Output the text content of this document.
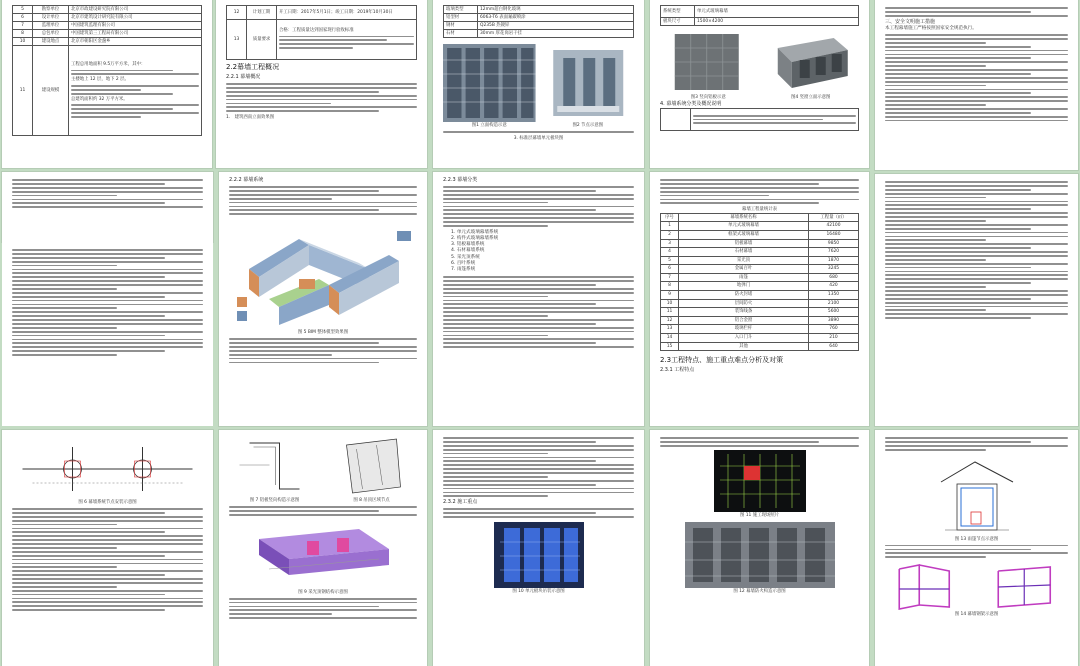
5	勘察单位	北京市政建设研究院有限公司
6	设计单位	北京市建筑设计研究院有限公司
7	监理单位	中国建筑监理有限公司
8	总包单位	中国建筑第三工程局有限公司
10	建设地点	北京市朝阳区金盏乡
11	建设规模	
工程总用地面积 9.5万平方米，其中：
主楼地上 12 层，地下 2 层。
总建筑面积约 32 万平方米。
12	计划工期	开工日期：2017年5月1日；竣工日期：2019年10月30日
13	质量要求	合格：工程质量达到国家现行验收标准
2.2幕墙工程概况
2.2.1 幕墙概况
1.　建筑西南立面效果图
玻璃类型	12mm超白钢化玻璃
铝型材	6063-T6 表面氟碳喷涂
钢材	Q235B 热镀锌
石材	30mm 厚花岗岩干挂
图1 立面构造示意	图2 节点示意图
3. 标准层幕墙单元板块图
系统类型	单元式玻璃幕墙
板块尺寸	1500×4200
图3 竖向铝板示意	图4 竖窗立面示意图
4. 幕墙系统分类及概况说明

三、安全文明施工措施
本工程幕墙施工严格按照国家安全规范执行。
2.2.2 幕墙系统
图 5 BIM 整体模型效果图
2.2.3 幕墙分类
1. 单元式玻璃幕墙系统
2. 构件式玻璃幕墙系统
3. 铝板幕墙系统
4. 石材幕墙系统
5. 采光顶系统
6. 百叶系统
7. 雨篷系统
幕墙工程量统计表
序号	幕墙系统名称	工程量（㎡）
1	单元式玻璃幕墙	42100
2	框架式玻璃幕墙	16480
3	铝板幕墙	9850
4	石材幕墙	7620
5	采光顶	1870
6	金属百叶	3245
7	雨篷	680
8	地弹门	420
9	防火封堵	1350
10	层间防火	2100
11	装饰线条	5600
12	铝合金窗	3890
13	玻璃栏杆	760
14	入口门斗	210
15	其他	640
2.3工程特点、施工重点难点分析及对策
2.3.1 工程特点
图 6 幕墙系统节点安装示意图	图 7 铝板竖向构造示意图	图 8 吊顶区域节点
图 9 采光顶钢结构示意图
2.3.2 施工重点
图 10 单元板块吊装示意图
图 11 施工现场照片
图 12 幕墙防火构造示意图
图 13 雨篷节点示意图
图 14 幕墙钢架示意图
